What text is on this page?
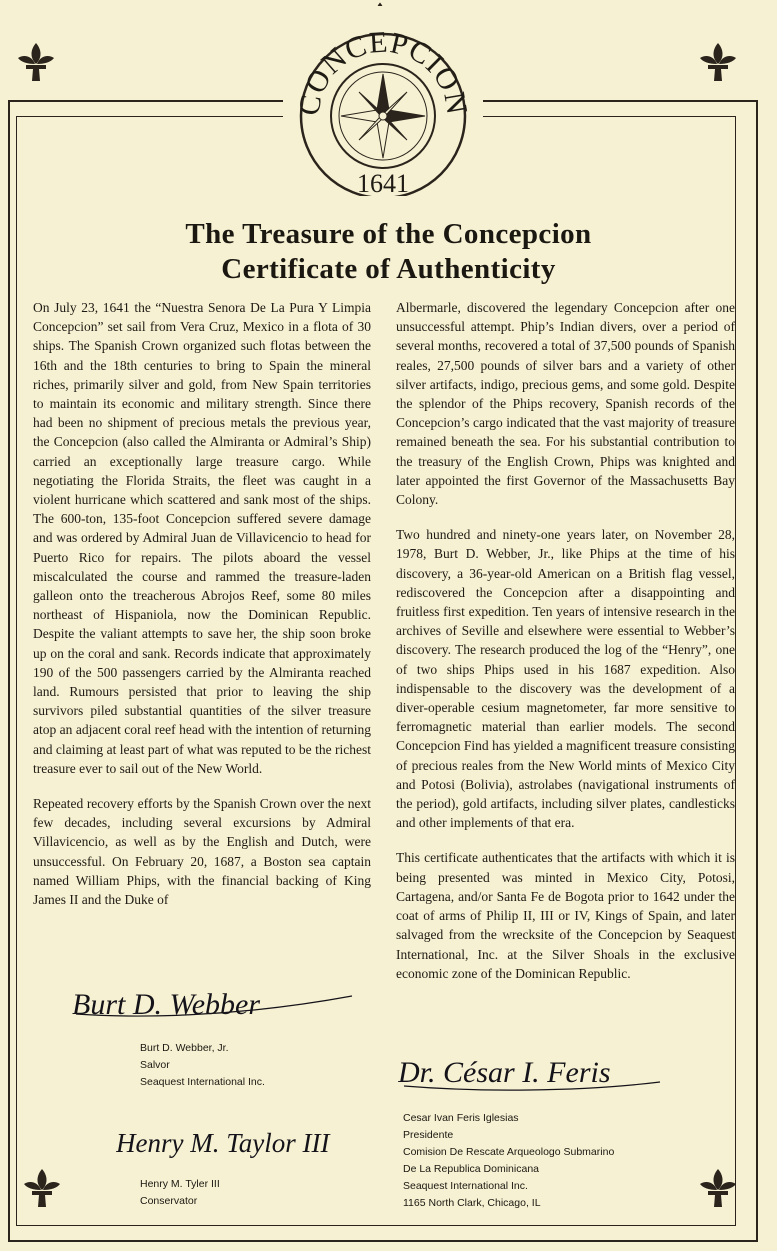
CONCEPCION
1641
The Treasure of the Concepcion
Certificate of Authenticity

On July 23, 1641 the “Nuestra Senora De La Pura Y Limpia Concepcion” set sail from Vera Cruz, Mexico in a flota of 30 ships. The Spanish Crown organized such flotas between the 16th and the 18th centuries to bring to Spain the mineral riches, primarily silver and gold, from New Spain territories to maintain its economic and military strength. Since there had been no shipment of precious metals the previous year, the Concepcion (also called the Almiranta or Admiral’s Ship) carried an exceptionally large treasure cargo. While negotiating the Florida Straits, the fleet was caught in a violent hurricane which scattered and sank most of the ships. The 600-ton, 135-foot Concepcion suffered severe damage and was ordered by Admiral Juan de Villavicencio to head for Puerto Rico for repairs. The pilots aboard the vessel miscalculated the course and rammed the treasure-laden galleon onto the treacherous Abrojos Reef, some 80 miles northeast of Hispaniola, now the Dominican Republic. Despite the valiant attempts to save her, the ship soon broke up on the coral and sank. Records indicate that approximately 190 of the 500 passengers carried by the Almiranta reached land. Rumours persisted that prior to leaving the ship survivors piled substantial quantities of the silver treasure atop an adjacent coral reef head with the intention of returning and claiming at least part of what was reputed to be the richest treasure ever to sail out of the New World.

Repeated recovery efforts by the Spanish Crown over the next few decades, including several excursions by Admiral Villavicencio, as well as by the English and Dutch, were unsuccessful. On February 20, 1687, a Boston sea captain named William Phips, with the financial backing of King James II and the Duke of

Albermarle, discovered the legendary Concepcion after one unsuccessful attempt. Phip’s Indian divers, over a period of several months, recovered a total of 37,500 pounds of Spanish reales, 27,500 pounds of silver bars and a variety of other silver artifacts, indigo, precious gems, and some gold. Despite the splendor of the Phips recovery, Spanish records of the Concepcion’s cargo indicated that the vast majority of treasure remained beneath the sea. For his substantial contribution to the treasury of the English Crown, Phips was knighted and later appointed the first Governor of the Massachusetts Bay Colony.

Two hundred and ninety-one years later, on November 28, 1978, Burt D. Webber, Jr., like Phips at the time of his discovery, a 36-year-old American on a British flag vessel, rediscovered the Concepcion after a disappointing and fruitless first expedition. Ten years of intensive research in the archives of Seville and elsewhere were essential to Webber’s discovery. The research produced the log of the “Henry”, one of two ships Phips used in his 1687 expedition. Also indispensable to the discovery was the development of a diver-operable cesium magnetometer, far more sensitive to ferromagnetic material than earlier models. The second Concepcion Find has yielded a magnificent treasure consisting of precious reales from the New World mints of Mexico City and Potosi (Bolivia), astrolabes (navigational instruments of the period), gold artifacts, including silver plates, candlesticks and other implements of that era.

This certificate authenticates that the artifacts with which it is being presented was minted in Mexico City, Potosi, Cartagena, and/or Santa Fe de Bogota prior to 1642 under the coat of arms of Philip II, III or IV, Kings of Spain, and later salvaged from the wrecksite of the Concepcion by Seaquest International, Inc. at the Silver Shoals in the exclusive economic zone of the Dominican Republic.

Burt D. Webber
Burt D. Webber, Jr.
Salvor
Seaquest International Inc.
Henry M. Taylor III
Henry M. Tyler III
Conservator
Dr. César I. Feris
Cesar Ivan Feris Iglesias
Presidente
Comision De Rescate Arqueologo Submarino
De La Republica Dominicana
Seaquest International Inc.
1165 North Clark, Chicago, IL
